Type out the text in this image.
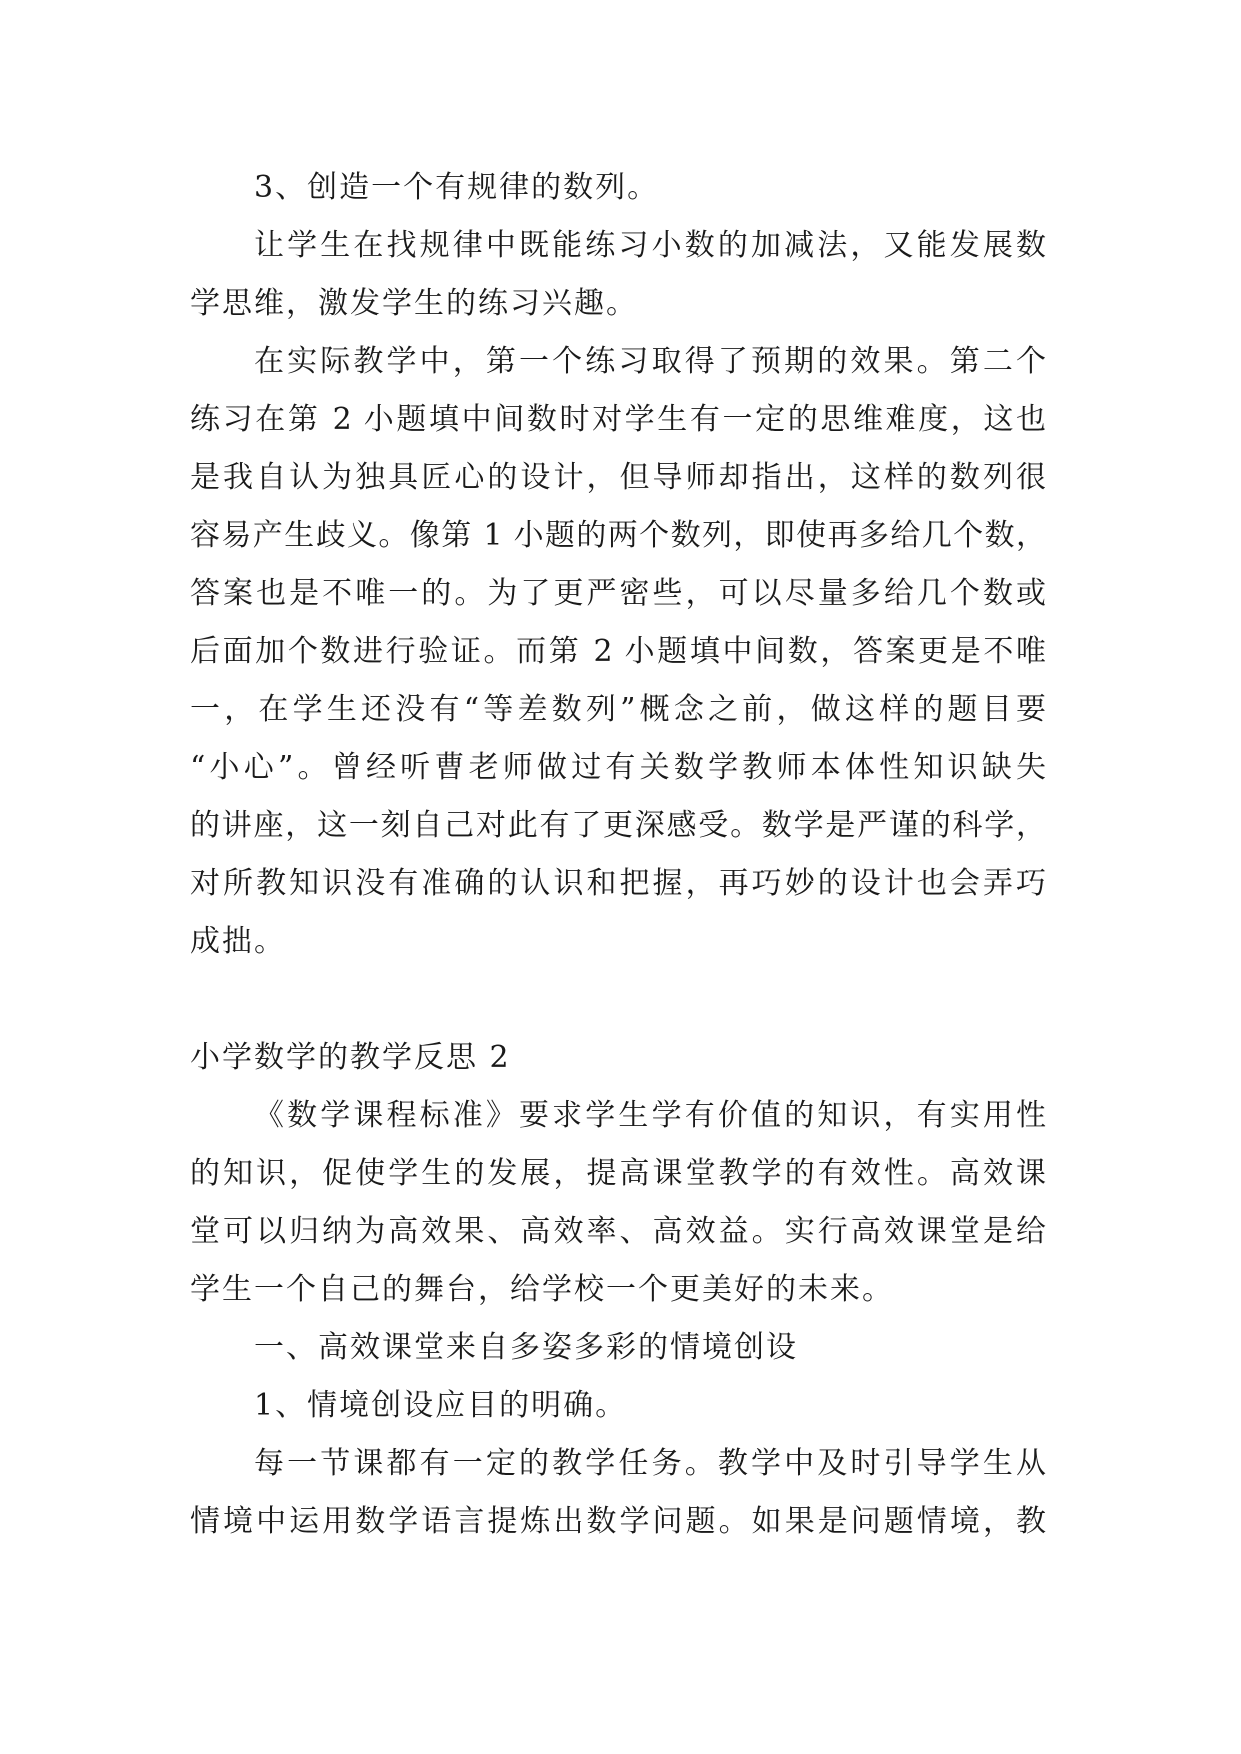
3、创造一个有规律的数列。
让学生在找规律中既能练习小数的加减法，又能发展数
学思维，激发学生的练习兴趣。
在实际教学中，第一个练习取得了预期的效果。第二个
练习在第 2 小题填中间数时对学生有一定的思维难度，这也
是我自认为独具匠心的设计，但导师却指出，这样的数列很
容易产生歧义。像第 1 小题的两个数列，即使再多给几个数，
答案也是不唯一的。为了更严密些，可以尽量多给几个数或
后面加个数进行验证。而第 2 小题填中间数，答案更是不唯
一，在学生还没有“等差数列”概念之前，做这样的题目要
“小心”。曾经听曹老师做过有关数学教师本体性知识缺失
的讲座，这一刻自己对此有了更深感受。数学是严谨的科学，
对所教知识没有准确的认识和把握，再巧妙的设计也会弄巧
成拙。
小学数学的教学反思 2
《数学课程标准》要求学生学有价值的知识，有实用性
的知识，促使学生的发展，提高课堂教学的有效性。高效课
堂可以归纳为高效果、高效率、高效益。实行高效课堂是给
学生一个自己的舞台，给学校一个更美好的未来。
一、高效课堂来自多姿多彩的情境创设
1、情境创设应目的明确。
每一节课都有一定的教学任务。教学中及时引导学生从
情境中运用数学语言提炼出数学问题。如果是问题情境，教
